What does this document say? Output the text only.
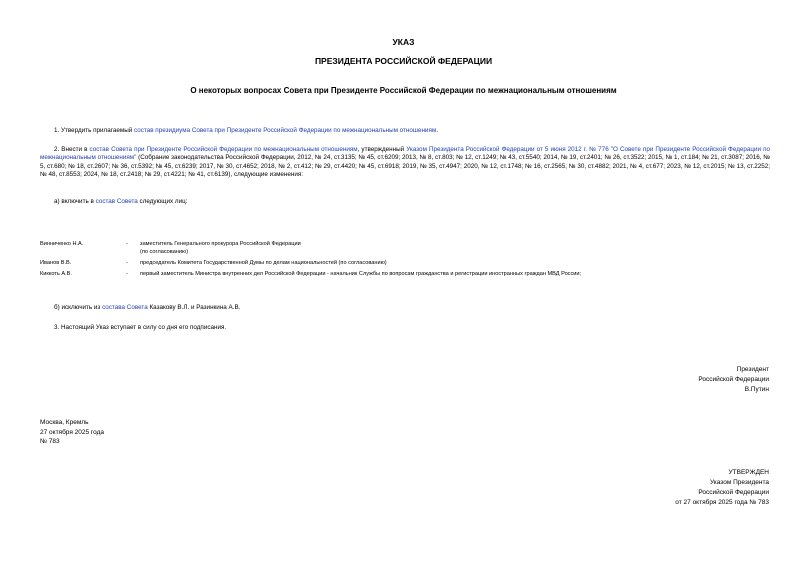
УКАЗ
ПРЕЗИДЕНТА РОССИЙСКОЙ ФЕДЕРАЦИИ
О некоторых вопросах Совета при Президенте Российской Федерации по межнациональным отношениям
1. Утвердить прилагаемый состав президиума Совета при Президенте Российской Федерации по межнациональным отношениям.
2. Внести в состав Совета при Президенте Российской Федерации по межнациональным отношениям, утвержденный Указом Президента Российской Федерации от 5 июня 2012 г. № 776 "О Совете при Президенте Российской Федерации по межнациональным отношениям" (Собрание законодательства Российской Федерации, 2012, № 24, ст.3135; № 45, ст.6209; 2013, № 8, ст.803; № 12, ст.1249; № 43, ст.5540; 2014, № 19, ст.2401; № 26, ст.3522; 2015, № 1, ст.184; № 21, ст.3087; 2016, № 5, ст.680; № 18, ст.2607; № 36, ст.5392; № 45, ст.6239; 2017, № 30, ст.4652; 2018, № 2, ст.412; № 29, ст.4420; № 45, ст.6918; 2019, № 35, ст.4947; 2020, № 12, ст.1748; № 16, ст.2565; № 30, ст.4882; 2021, № 4, ст.677; 2023, № 12, ст.2015; № 13, ст.2252; № 48, ст.8553; 2024, № 18, ст.2418; № 29, ст.4221; № 41, ст.6139), следующие изменения:
а) включить в состав Совета следующих лиц:
Винниченко Н.А.	- заместитель Генерального прокурора Российской Федерации
(по согласованию)
Иванов В.В.	- председатель Комитета Государственной Думы по делам национальностей (по согласованию)
Киккоть А.В.	- первый заместитель Министра внутренних дел Российской Федерации - начальник Службы по вопросам гражданства и регистрации иностранных граждан МВД России;
б) исключить из состава Совета Казакову В.Л. и Разинкина А.В.
3. Настоящий Указ вступает в силу со дня его подписания.
Президент
Российской Федерации
В.Путин
Москва, Кремль
27 октября 2025 года
№ 783
УТВЕРЖДЕН
Указом Президента
Российской Федерации
от 27 октября 2025 года № 783
